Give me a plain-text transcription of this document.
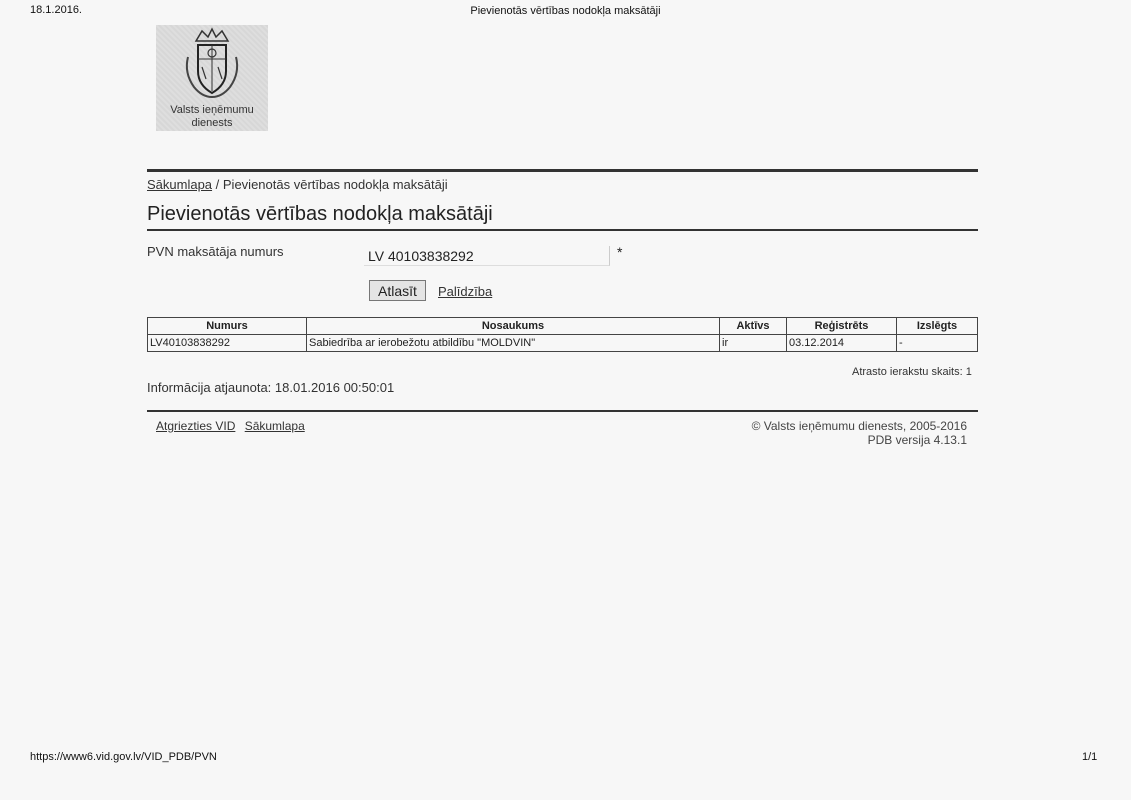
18.1.2016.	Pievienotās vērtības nodokļa maksātāji
Valsts ieņēmumu
dienests
Sākumlapa / Pievienotās vērtības nodokļa maksātāji
Pievienotās vērtības nodokļa maksātāji
PVN maksātāja numurs
LV 40103838292	*
Atlasīt	Palīdzība
Numurs	Nosaukums	Aktīvs	Reģistrēts	Izslēgts
LV40103838292	Sabiedrība ar ierobežotu atbildību "MOLDVIN"	ir	03.12.2014	-
Atrasto ierakstu skaits: 1
Informācija atjaunota: 18.01.2016 00:50:01
Atgriezties VID Sākumlapa	© Valsts ieņēmumu dienests, 2005-2016
PDB versija 4.13.1
https://www6.vid.gov.lv/VID_PDB/PVN	1/1
